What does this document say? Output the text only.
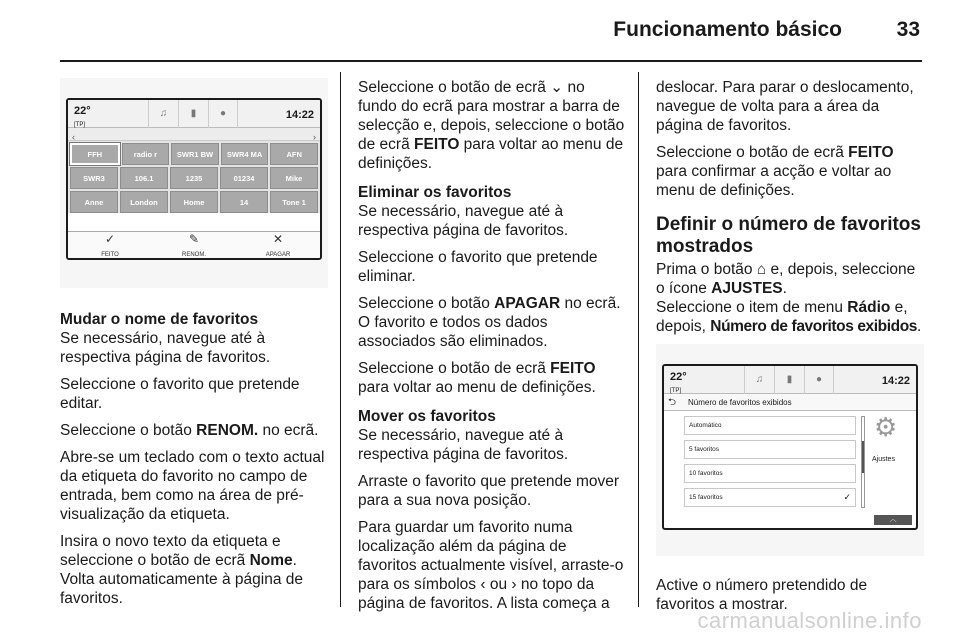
Funcionamento básico	33
22°
[TP]
♫	▮	●	14:22
‹	›
FFH	radio r	SWR1 BW	SWR4 MA	AFN
SWR3	106.1	1235	01234	Mike
Anne	London	Home	14	Tone 1
✓
FEITO
✎
RENOM.
✕
APAGAR
Mudar o nome de favoritos

Se necessário, navegue até à respectiva página de favoritos.

Seleccione o favorito que pretende editar.

Seleccione o botão RENOM. no ecrã.

Abre-se um teclado com o texto actual da etiqueta do favorito no campo de entrada, bem como na área de pré-visualização da etiqueta.

Insira o novo texto da etiqueta e seleccione o botão de ecrã Nome. Volta automaticamente à página de favoritos.

Seleccione o botão de ecrã ⌄ no fundo do ecrã para mostrar a barra de selecção e, depois, seleccione o botão de ecrã FEITO para voltar ao menu de definições.

Eliminar os favoritos

Se necessário, navegue até à respectiva página de favoritos.

Seleccione o favorito que pretende eliminar.

Seleccione o botão APAGAR no ecrã. O favorito e todos os dados associados são eliminados.

Seleccione o botão de ecrã FEITO para voltar ao menu de definições.

Mover os favoritos

Se necessário, navegue até à respectiva página de favoritos.

Arraste o favorito que pretende mover para a sua nova posição.

Para guardar um favorito numa localização além da página de favoritos actualmente visível, arraste-o para os símbolos ‹ ou › no topo da página de favoritos. A lista começa a

deslocar. Para parar o deslocamento, navegue de volta para a área da página de favoritos.

Seleccione o botão de ecrã FEITO para confirmar a acção e voltar ao menu de definições.

Definir o número de favoritos mostrados

Prima o botão ⌂ e, depois, seleccione o ícone AJUSTES.

Seleccione o item de menu Rádio e, depois, Número de favoritos exibidos.

22°
[TP]
♫	▮	●	14:22
⮌ Número de favoritos exibidos
Automático
5 favoritos
10 favoritos
15 favoritos	✓
⚙
Ajustes
︿

Active o número pretendido de favoritos a mostrar.

carmanualsonline.info
